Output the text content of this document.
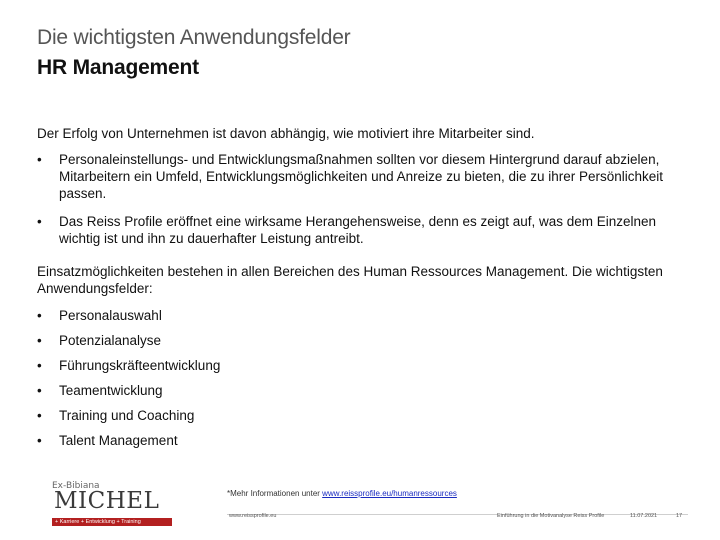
Die wichtigsten Anwendungsfelder
HR Management

Der Erfolg von Unternehmen ist davon abhängig, wie motiviert ihre Mitarbeiter sind.

•	Personaleinstellungs- und Entwicklungsmaßnahmen sollten vor diesem Hintergrund darauf abzielen, Mitarbeitern ein Umfeld, Entwicklungsmöglichkeiten und Anreize zu bieten, die zu ihrer Persönlichkeit passen.
•	Das Reiss Profile eröffnet eine wirksame Herangehensweise, denn es zeigt auf, was dem Einzelnen wichtig ist und ihn zu dauerhafter Leistung antreibt.

Einsatzmöglichkeiten bestehen in allen Bereichen des Human Ressources Management. Die wichtigsten Anwendungsfelder:

•	Personalauswahl
•	Potenzialanalyse
•	Führungskräfteentwicklung
•	Teamentwicklung
•	Training und Coaching
•	Talent Management
*Mehr Informationen unter www.reissprofile.eu/humanressources
Ex-Bibiana
MICHEL
+ Karriere + Entwicklung + Training
www.reissprofile.eu	Einführung in die Motivanalyse Reiss Profile	11.07.2021	17
